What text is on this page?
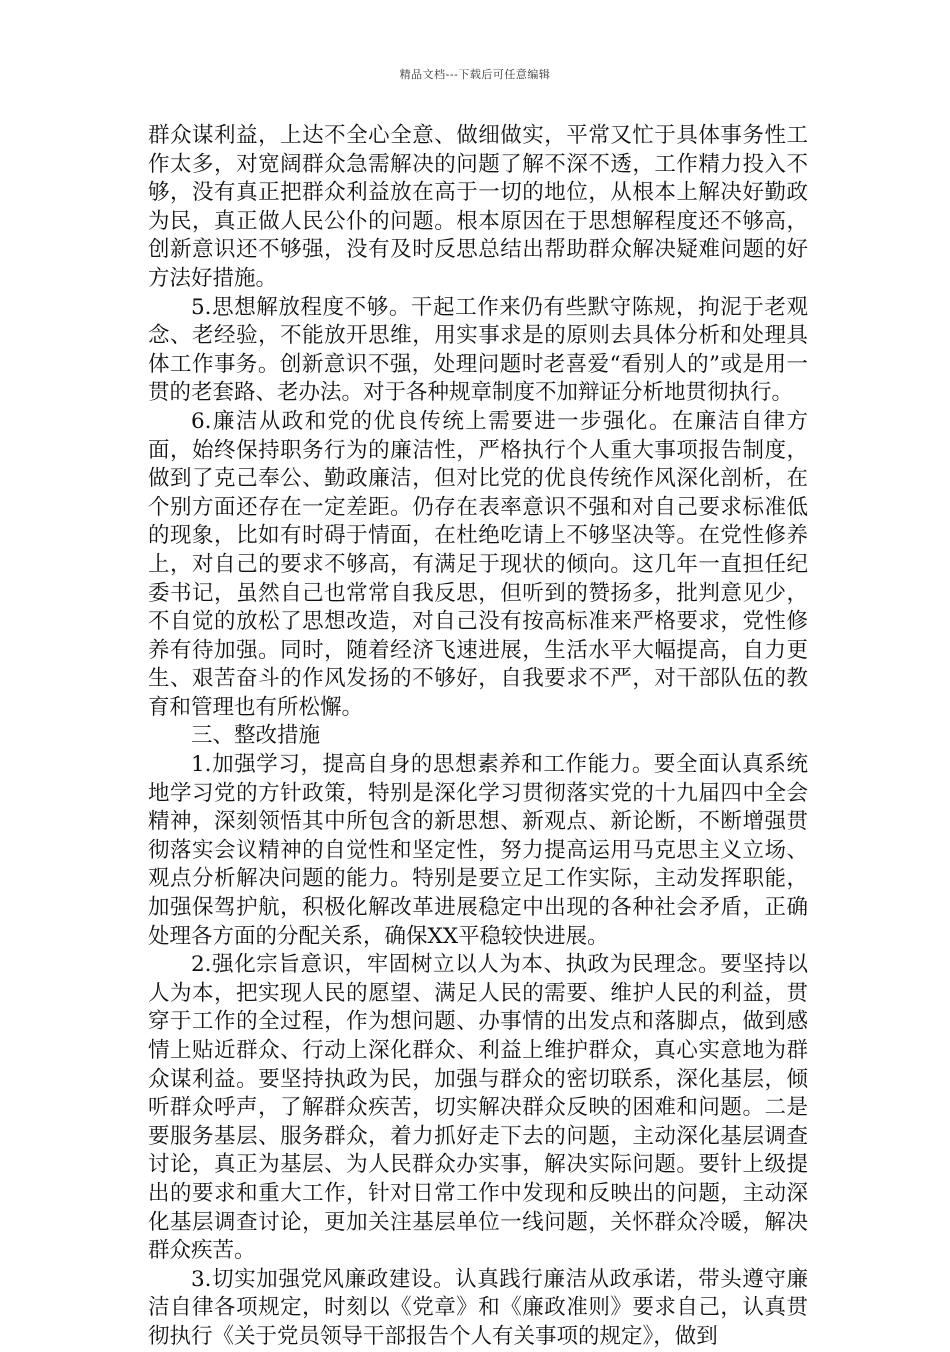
精品文档---下载后可任意编辑

群众谋利益，上达不全心全意、做细做实，平常又忙于具体事务性工作太多，对宽阔群众急需解决的问题了解不深不透，工作精力投入不够，没有真正把群众利益放在高于一切的地位，从根本上解决好勤政为民，真正做人民公仆的问题。根本原因在于思想解程度还不够高，创新意识还不够强，没有及时反思总结出帮助群众解决疑难问题的好方法好措施。

5.思想解放程度不够。干起工作来仍有些默守陈规，拘泥于老观念、老经验，不能放开思维，用实事求是的原则去具体分析和处理具体工作事务。创新意识不强，处理问题时老喜爱“看别人的”或是用一贯的老套路、老办法。对于各种规章制度不加辩证分析地贯彻执行。

6.廉洁从政和党的优良传统上需要进一步强化。在廉洁自律方面，始终保持职务行为的廉洁性，严格执行个人重大事项报告制度，做到了克己奉公、勤政廉洁，但对比党的优良传统作风深化剖析，在个别方面还存在一定差距。仍存在表率意识不强和对自己要求标准低的现象，比如有时碍于情面，在杜绝吃请上不够坚决等。在党性修养上，对自己的要求不够高，有满足于现状的倾向。这几年一直担任纪委书记，虽然自己也常常自我反思，但听到的赞扬多，批判意见少，不自觉的放松了思想改造，对自己没有按高标准来严格要求，党性修养有待加强。同时，随着经济飞速进展，生活水平大幅提高，自力更生、艰苦奋斗的作风发扬的不够好，自我要求不严，对干部队伍的教育和管理也有所松懈。

三、整改措施

1.加强学习，提高自身的思想素养和工作能力。要全面认真系统地学习党的方针政策，特别是深化学习贯彻落实党的十九届四中全会精神，深刻领悟其中所包含的新思想、新观点、新论断，不断增强贯彻落实会议精神的自觉性和坚定性，努力提高运用马克思主义立场、观点分析解决问题的能力。特别是要立足工作实际，主动发挥职能，加强保驾护航，积极化解改革进展稳定中出现的各种社会矛盾，正确处理各方面的分配关系，确保XX平稳较快进展。

2.强化宗旨意识，牢固树立以人为本、执政为民理念。要坚持以人为本，把实现人民的愿望、满足人民的需要、维护人民的利益，贯穿于工作的全过程，作为想问题、办事情的出发点和落脚点，做到感情上贴近群众、行动上深化群众、利益上维护群众，真心实意地为群众谋利益。要坚持执政为民，加强与群众的密切联系，深化基层，倾听群众呼声，了解群众疾苦，切实解决群众反映的困难和问题。二是要服务基层、服务群众，着力抓好走下去的问题，主动深化基层调查讨论，真正为基层、为人民群众办实事，解决实际问题。要针上级提出的要求和重大工作，针对日常工作中发现和反映出的问题，主动深化基层调查讨论，更加关注基层单位一线问题，关怀群众冷暖，解决群众疾苦。

3.切实加强党风廉政建设。认真践行廉洁从政承诺，带头遵守廉洁自律各项规定，时刻以《党章》和《廉政准则》要求自己，认真贯彻执行《关于党员领导干部报告个人有关事项的规定》，做到
